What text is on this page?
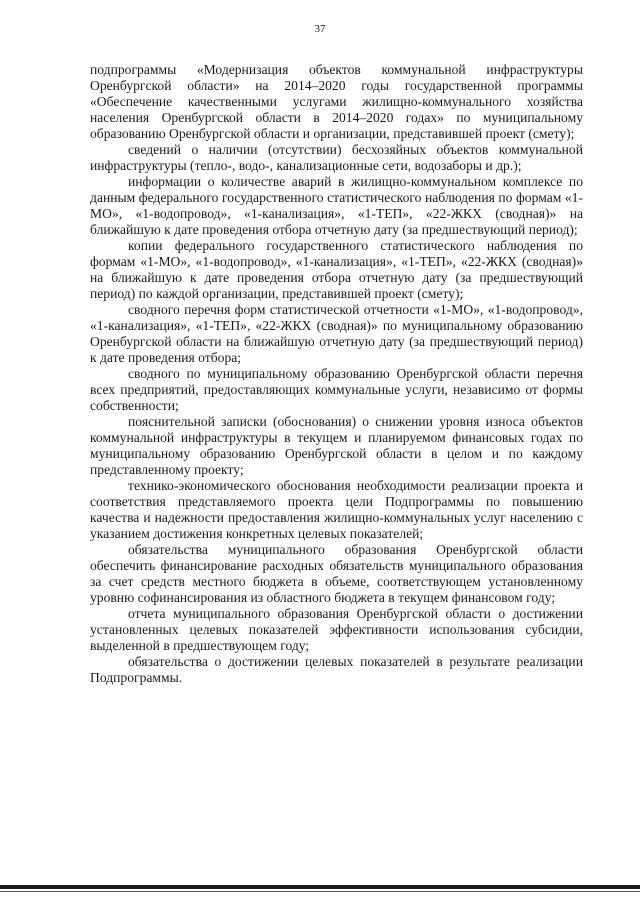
37

подпрограммы «Модернизация объектов коммунальной инфраструктуры Оренбургской области» на 2014–2020 годы государственной программы «Обеспечение качественными услугами жилищно-коммунального хозяйства населения Оренбургской области в 2014–2020 годах» по муниципальному образованию Оренбургской области и организации, представившей проект (смету);

сведений о наличии (отсутствии) бесхозяйных объектов коммунальной инфраструктуры (тепло-, водо-, канализационные сети, водозаборы и др.);

информации о количестве аварий в жилищно-коммунальном комплексе по данным федерального государственного статистического наблюдения по формам «1-МО», «1-водопровод», «1-канализация», «1-ТЕП», «22-ЖКХ (сводная)» на ближайшую к дате проведения отбора отчетную дату (за предшествующий период);

копии федерального государственного статистического наблюдения по формам «1-МО», «1-водопровод», «1-канализация», «1-ТЕП», «22-ЖКХ (сводная)» на ближайшую к дате проведения отбора отчетную дату (за предшествующий период) по каждой организации, представившей проект (смету);

сводного перечня форм статистической отчетности «1-МО», «1-водопровод», «1-канализация», «1-ТЕП», «22-ЖКХ (сводная)» по муниципальному образованию Оренбургской области на ближайшую отчетную дату (за предшествующий период) к дате проведения отбора;

сводного по муниципальному образованию Оренбургской области перечня всех предприятий, предоставляющих коммунальные услуги, независимо от формы собственности;

пояснительной записки (обоснования) о снижении уровня износа объектов коммунальной инфраструктуры в текущем и планируемом финансовых годах по муниципальному образованию Оренбургской области в целом и по каждому представленному проекту;

технико-экономического обоснования необходимости реализации проекта и соответствия представляемого проекта цели Подпрограммы по повышению качества и надежности предоставления жилищно-коммунальных услуг населению с указанием достижения конкретных целевых показателей;

обязательства муниципального образования Оренбургской области обеспечить финансирование расходных обязательств муниципального образования за счет средств местного бюджета в объеме, соответствующем установленному уровню софинансирования из областного бюджета в текущем финансовом году;

отчета муниципального образования Оренбургской области о достижении установленных целевых показателей эффективности использования субсидии, выделенной в предшествующем году;

обязательства о достижении целевых показателей в результате реализации Подпрограммы.
